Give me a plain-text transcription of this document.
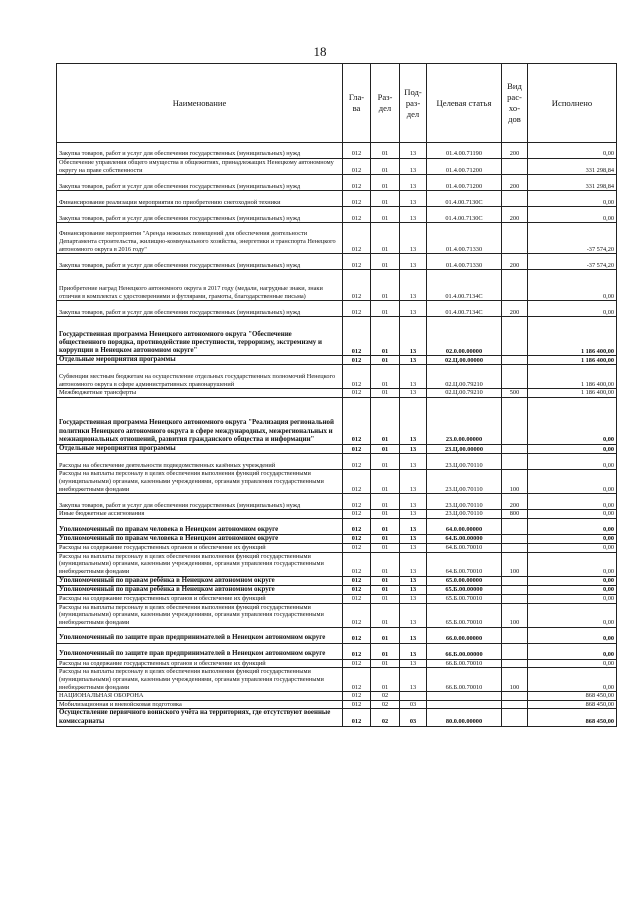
18
Наименование	Гла- ва	Раз- дел	Под- раз- дел	Целевая статья	Вид рас- хо- дов	Исполнено
Закупка товаров, работ и услуг для обеспечения государственных (муниципальных) нужд	012	01	13	01.4.00.71190	200	0,00
Обеспечение управления общего имущества в общежитиях, принадлежащих Ненецкому автономному округу на праве собственности	012	01	13	01.4.00.71200		331 298,84
Закупка товаров, работ и услуг для обеспечения государственных (муниципальных) нужд	012	01	13	01.4.00.71200	200	331 298,84
Финансирование реализации мероприятия по приобретению снегоходной техники	012	01	13	01.4.00.7130С		0,00
Закупка товаров, работ и услуг для обеспечения государственных (муниципальных) нужд	012	01	13	01.4.00.7130С	200	0,00
Финансирование мероприятия "Аренда нежилых помещений для обеспечения деятельности Департамента строительства, жилищно-коммунального хозяйства, энергетики и транспорта Ненецкого автономного округа в 2016 году"	012	01	13	01.4.00.71330		-37 574,20
Закупка товаров, работ и услуг для обеспечения государственных (муниципальных) нужд	012	01	13	01.4.00.71330	200	-37 574,20
Приобретение наград Ненецкого автономного округа в 2017 году (медали, нагрудные знаки, знаки отличия в комплектах с удостоверениями и футлярами, грамоты, благодарственные письма)	012	01	13	01.4.00.7134С		0,00
Закупка товаров, работ и услуг для обеспечения государственных (муниципальных) нужд	012	01	13	01.4.00.7134С	200	0,00
Государственная программа Ненецкого автономного округа "Обеспечение общественного порядка, противодействие преступности, терроризму, экстремизму и коррупции в Ненецком автономном округе"	012	01	13	02.0.00.00000		1 186 400,00
Отдельные мероприятия программы	012	01	13	02.Ц.00.00000		1 186 400,00
Субвенции местным бюджетам на осуществление отдельных государственных полномочий Ненецкого автономного округа в сфере административных правонарушений	012	01	13	02.Ц.00.79210		1 186 400,00
Межбюджетные трансферты	012	01	13	02.Ц.00.79210	500	1 186 400,00
Государственная программа Ненецкого автономного округа "Реализация региональной политики Ненецкого автономного округа в сфере международных, межрегиональных и межнациональных отношений, развития гражданского общества и информации"	012	01	13	23.0.00.00000		0,00
Отдельные мероприятия программы	012	01	13	23.Ц.00.00000		0,00
Расходы на обеспечение деятельности подведомственных казённых учреждений	012	01	13	23.Ц.00.70110		0,00
Расходы на выплаты персоналу в целях обеспечения выполнения функций государственными (муниципальными) органами, казенными учреждениями, органами управления государственными внебюджетными фондами	012	01	13	23.Ц.00.70110	100	0,00
Закупка товаров, работ и услуг для обеспечения государственных (муниципальных) нужд	012	01	13	23.Ц.00.70110	200	0,00
Иные бюджетные ассигнования	012	01	13	23.Ц.00.70110	800	0,00
Уполномоченный по правам человека в Ненецком автономном округе	012	01	13	64.0.00.00000		0,00
Уполномоченный по правам человека в Ненецком автономном округе	012	01	13	64.Б.00.00000		0,00
Расходы на содержание государственных органов и обеспечение их функций	012	01	13	64.Б.00.70010		0,00
Расходы на выплаты персоналу в целях обеспечения выполнения функций государственными (муниципальными) органами, казенными учреждениями, органами управления государственными внебюджетными фондами	012	01	13	64.Б.00.70010	100	0,00
Уполномоченный по правам ребёнка в Ненецком автономном округе	012	01	13	65.0.00.00000		0,00
Уполномоченный по правам ребёнка в Ненецком автономном округе	012	01	13	65.Б.00.00000		0,00
Расходы на содержание государственных органов и обеспечение их функций	012	01	13	65.Б.00.70010		0,00
Расходы на выплаты персоналу в целях обеспечения выполнения функций государственными (муниципальными) органами, казенными учреждениями, органами управления государственными внебюджетными фондами	012	01	13	65.Б.00.70010	100	0,00
Уполномоченный по защите прав предпринимателей в Ненецком автономном округе	012	01	13	66.0.00.00000		0,00
Уполномоченный по защите прав предпринимателей в Ненецком автономном округе	012	01	13	66.Б.00.00000		0,00
Расходы на содержание государственных органов и обеспечение их функций	012	01	13	66.Б.00.70010		0,00
Расходы на выплаты персоналу в целях обеспечения выполнения функций государственными (муниципальными) органами, казенными учреждениями, органами управления государственными внебюджетными фондами	012	01	13	66.Б.00.70010	100	0,00
НАЦИОНАЛЬНАЯ ОБОРОНА	012	02				868 450,00
Мобилизационная и вневойсковая подготовка	012	02	03			868 450,00
Осуществление первичного воинского учёта на территориях, где отсутствуют военные комиссариаты	012	02	03	80.0.00.00000		868 450,00
